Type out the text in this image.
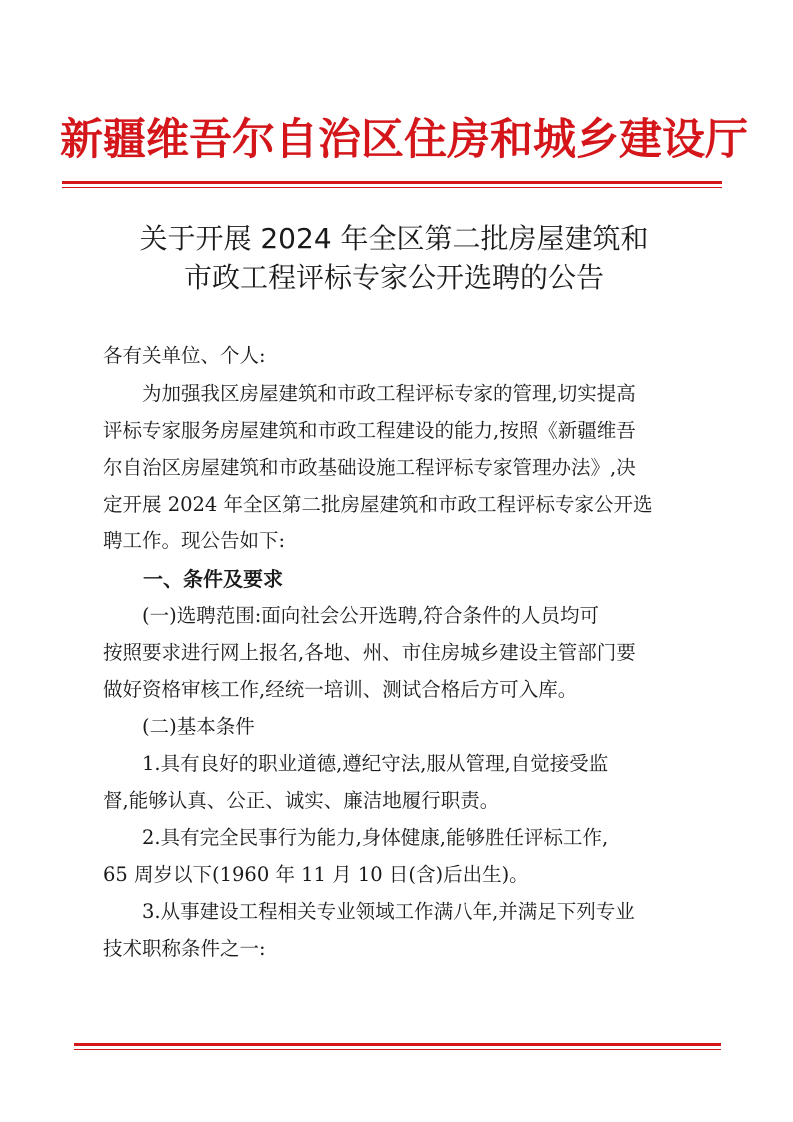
新疆维吾尔自治区住房和城乡建设厅
关于开展 2024 年全区第二批房屋建筑和
市政工程评标专家公开选聘的公告
各有关单位、个人:
　　为加强我区房屋建筑和市政工程评标专家的管理,切实提高
评标专家服务房屋建筑和市政工程建设的能力,按照《新疆维吾
尔自治区房屋建筑和市政基础设施工程评标专家管理办法》,决
定开展 2024 年全区第二批房屋建筑和市政工程评标专家公开选
聘工作。现公告如下:
　　一、条件及要求
　　(一)选聘范围:面向社会公开选聘,符合条件的人员均可
按照要求进行网上报名,各地、州、市住房城乡建设主管部门要
做好资格审核工作,经统一培训、测试合格后方可入库。
　　(二)基本条件
　　1.具有良好的职业道德,遵纪守法,服从管理,自觉接受监
督,能够认真、公正、诚实、廉洁地履行职责。
　　2.具有完全民事行为能力,身体健康,能够胜任评标工作,
65 周岁以下(1960 年 11 月 10 日(含)后出生)。
　　3.从事建设工程相关专业领域工作满八年,并满足下列专业
技术职称条件之一:
